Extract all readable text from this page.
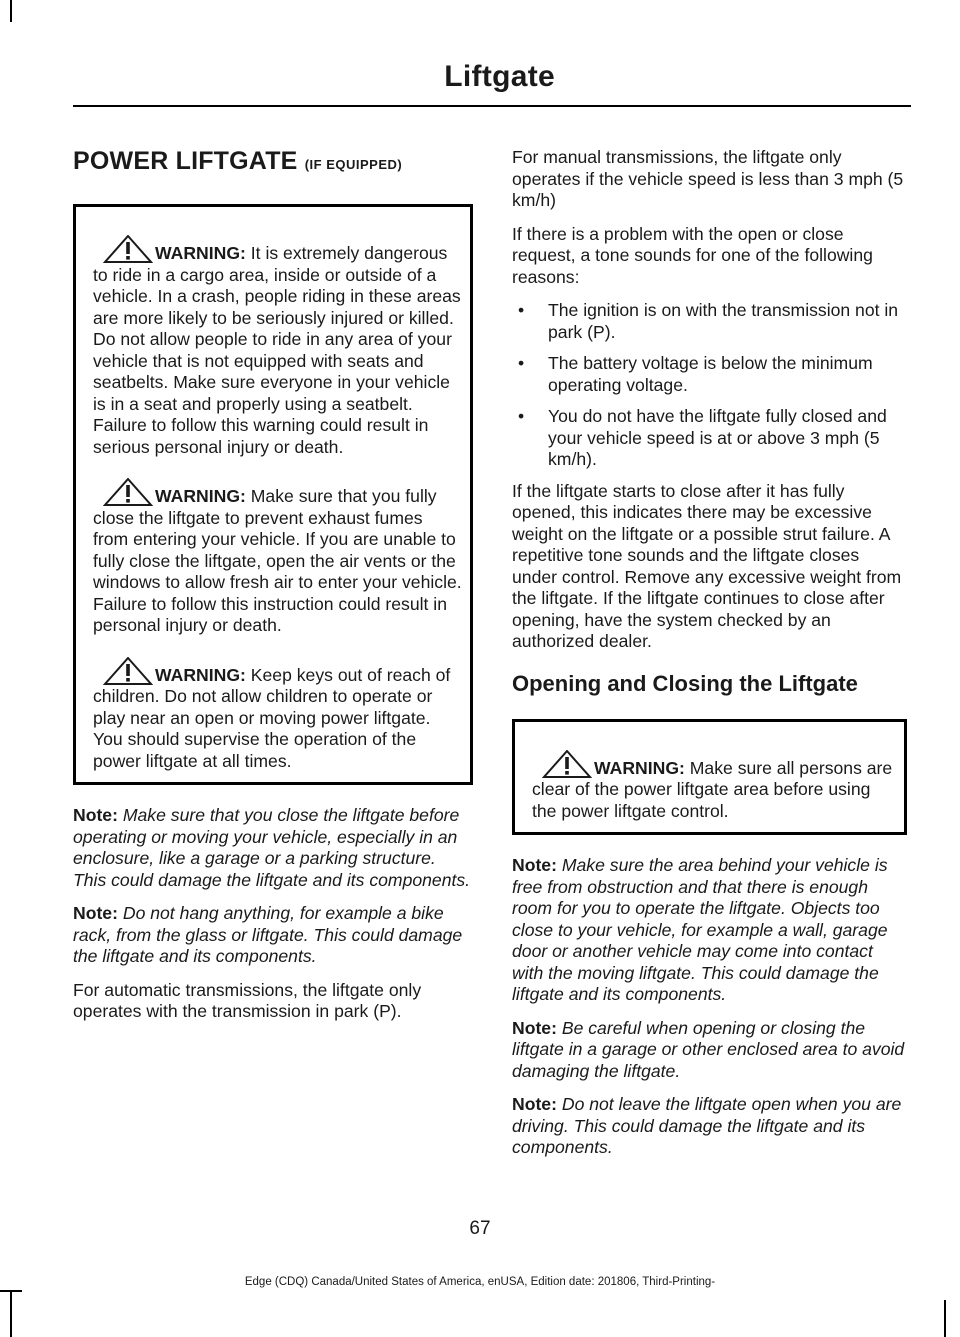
Liftgate
POWER LIFTGATE (IF EQUIPPED)

WARNING: It is extremely dangerous to ride in a cargo area, inside or outside of a vehicle. In a crash, people riding in these areas are more likely to be seriously injured or killed. Do not allow people to ride in any area of your vehicle that is not equipped with seats and seatbelts. Make sure everyone in your vehicle is in a seat and properly using a seatbelt. Failure to follow this warning could result in serious personal injury or death.

WARNING: Make sure that you fully close the liftgate to prevent exhaust fumes from entering your vehicle. If you are unable to fully close the liftgate, open the air vents or the windows to allow fresh air to enter your vehicle. Failure to follow this instruction could result in personal injury or death.

WARNING: Keep keys out of reach of children. Do not allow children to operate or play near an open or moving power liftgate. You should supervise the operation of the power liftgate at all times.

Note: Make sure that you close the liftgate before operating or moving your vehicle, especially in an enclosure, like a garage or a parking structure. This could damage the liftgate and its components.

Note: Do not hang anything, for example a bike rack, from the glass or liftgate. This could damage the liftgate and its components.

For automatic transmissions, the liftgate only operates with the transmission in park (P).

For manual transmissions, the liftgate only operates if the vehicle speed is less than 3 mph (5 km/h)

If there is a problem with the open or close request, a tone sounds for one of the following reasons:

• The ignition is on with the transmission not in park (P).
• The battery voltage is below the minimum operating voltage.
• You do not have the liftgate fully closed and your vehicle speed is at or above 3 mph (5 km/h).

If the liftgate starts to close after it has fully opened, this indicates there may be excessive weight on the liftgate or a possible strut failure. A repetitive tone sounds and the liftgate closes under control. Remove any excessive weight from the liftgate. If the liftgate continues to close after opening, have the system checked by an authorized dealer.

Opening and Closing the Liftgate

WARNING: Make sure all persons are clear of the power liftgate area before using the power liftgate control.

Note: Make sure the area behind your vehicle is free from obstruction and that there is enough room for you to operate the liftgate. Objects too close to your vehicle, for example a wall, garage door or another vehicle may come into contact with the moving liftgate. This could damage the liftgate and its components.

Note: Be careful when opening or closing the liftgate in a garage or other enclosed area to avoid damaging the liftgate.

Note: Do not leave the liftgate open when you are driving. This could damage the liftgate and its components.

67
Edge (CDQ) Canada/United States of America, enUSA, Edition date: 201806, Third-Printing-
